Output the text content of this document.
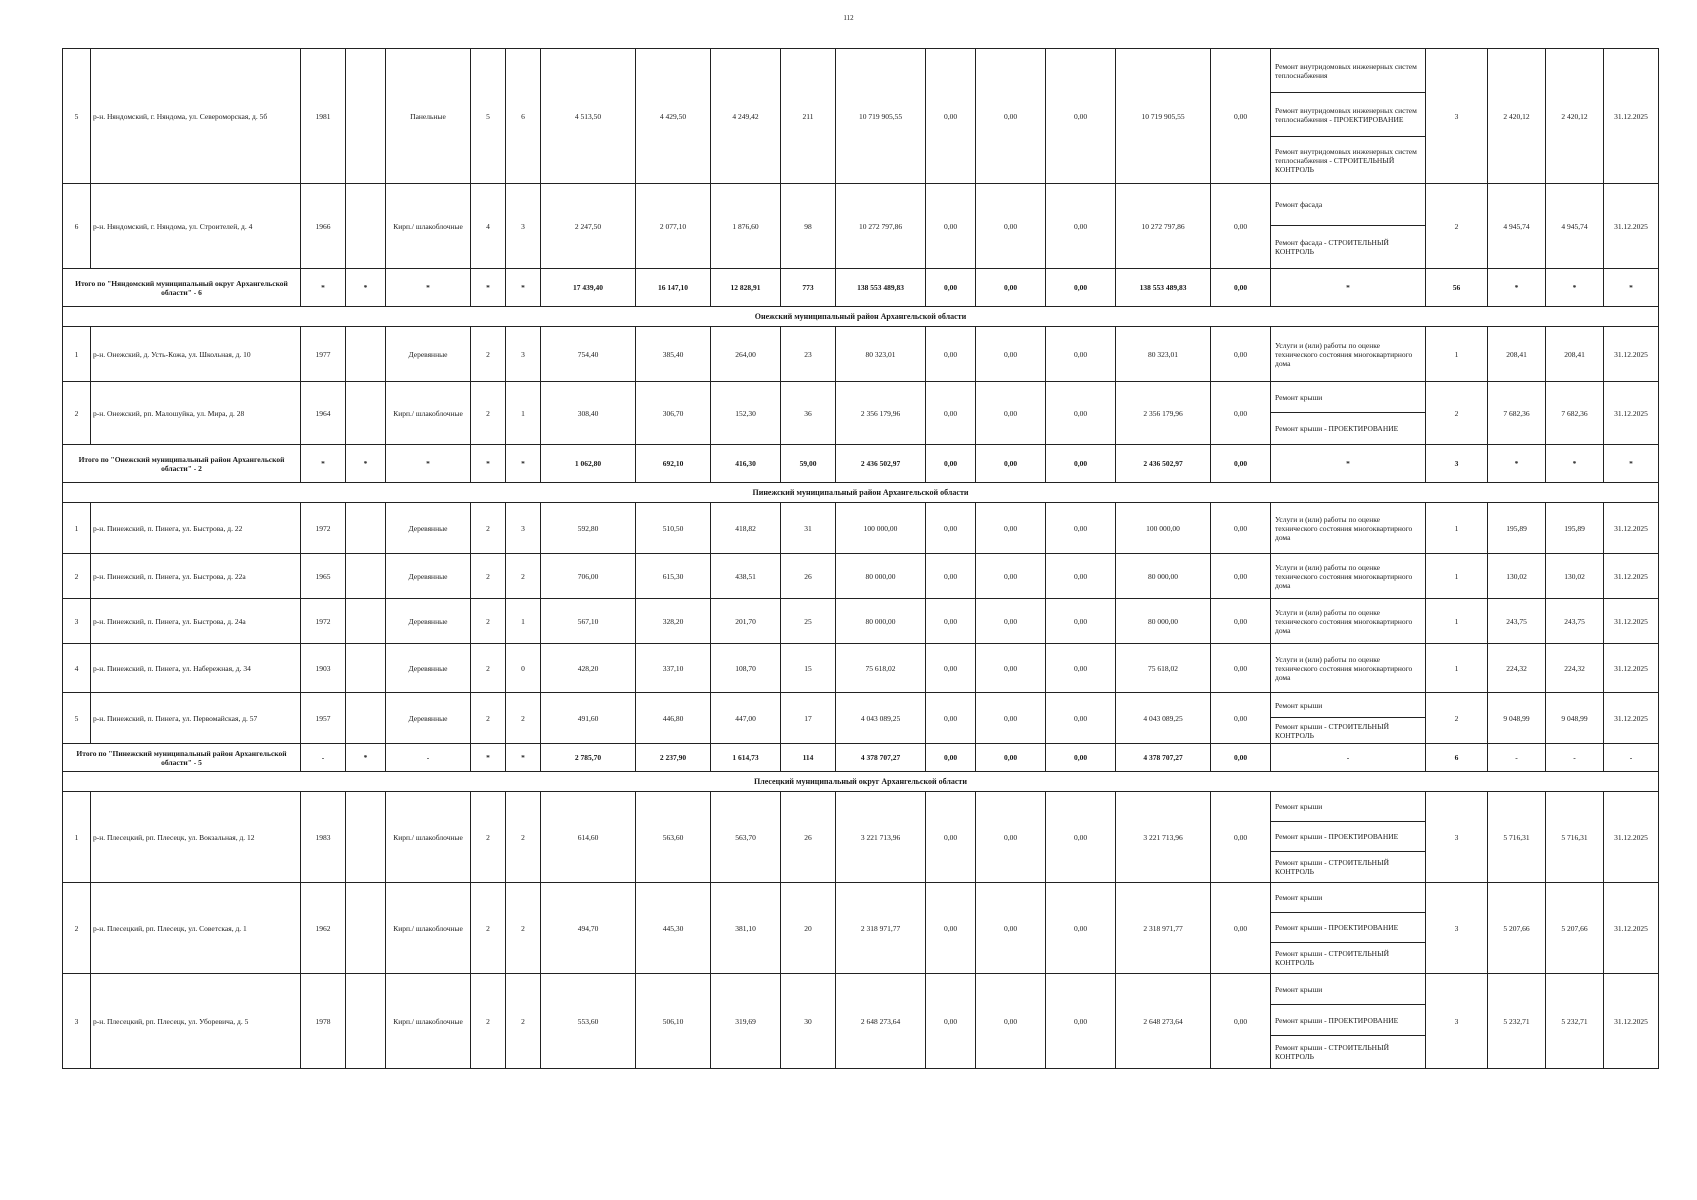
112
5	р-н. Няндомский, г. Няндома, ул. Североморская, д. 5б	1981		Панельные	5	6	4 513,50	4 429,50	4 249,42	211	10 719 905,55	0,00	0,00	0,00	10 719 905,55	0,00	Ремонт внутридомовых инженерных систем теплоснабжения
Ремонт внутридомовых инженерных систем теплоснабжения - ПРОЕКТИРОВАНИЕ
Ремонт внутридомовых инженерных систем теплоснабжения - СТРОИТЕЛЬНЫЙ КОНТРОЛЬ	3	2 420,12	2 420,12	31.12.2025
6	р-н. Няндомский, г. Няндома, ул. Строителей, д. 4	1966		Кирп./ шлакоблочные	4	3	2 247,50	2 077,10	1 876,60	98	10 272 797,86	0,00	0,00	0,00	10 272 797,86	0,00	Ремонт фасада
Ремонт фасада - СТРОИТЕЛЬНЫЙ КОНТРОЛЬ	2	4 945,74	4 945,74	31.12.2025
Итого по "Няндомский муниципальный округ Архангельской области" - 6		*	*	*	*	*	17 439,40	16 147,10	12 828,91	773	138 553 489,83	0,00	0,00	0,00	138 553 489,83	0,00	*	56	*	*	*
Онежский муниципальный район Архангельской области																					
1	р-н. Онежский, д. Усть-Кожа, ул. Школьная, д. 10	1977		Деревянные	2	3	754,40	385,40	264,00	23	80 323,01	0,00	0,00	0,00	80 323,01	0,00	Услуги и (или) работы по оценке технического состояния многоквартирного дома	1	208,41	208,41	31.12.2025
2	р-н. Онежский, рп. Малошуйка, ул. Мира, д. 28	1964		Кирп./ шлакоблочные	2	1	308,40	306,70	152,30	36	2 356 179,96	0,00	0,00	0,00	2 356 179,96	0,00	Ремонт крыши
Ремонт крыши - ПРОЕКТИРОВАНИЕ	2	7 682,36	7 682,36	31.12.2025
Итого по "Онежский муниципальный район Архангельской области" - 2		*	*	*	*	*	1 062,80	692,10	416,30	59,00	2 436 502,97	0,00	0,00	0,00	2 436 502,97	0,00	*	3	*	*	*
Пинежский муниципальный район Архангельской области																					
1	р-н. Пинежский, п. Пинега, ул. Быстрова, д. 22	1972		Деревянные	2	3	592,80	510,50	418,82	31	100 000,00	0,00	0,00	0,00	100 000,00	0,00	Услуги и (или) работы по оценке технического состояния многоквартирного дома	1	195,89	195,89	31.12.2025
2	р-н. Пинежский, п. Пинега, ул. Быстрова, д. 22а	1965		Деревянные	2	2	706,00	615,30	438,51	26	80 000,00	0,00	0,00	0,00	80 000,00	0,00	Услуги и (или) работы по оценке технического состояния многоквартирного дома	1	130,02	130,02	31.12.2025
3	р-н. Пинежский, п. Пинега, ул. Быстрова, д. 24а	1972		Деревянные	2	1	567,10	328,20	201,70	25	80 000,00	0,00	0,00	0,00	80 000,00	0,00	Услуги и (или) работы по оценке технического состояния многоквартирного дома	1	243,75	243,75	31.12.2025
4	р-н. Пинежский, п. Пинега, ул. Набережная, д. 34	1903		Деревянные	2	0	428,20	337,10	108,70	15	75 618,02	0,00	0,00	0,00	75 618,02	0,00	Услуги и (или) работы по оценке технического состояния многоквартирного дома	1	224,32	224,32	31.12.2025
5	р-н. Пинежский, п. Пинега, ул. Первомайская, д. 57	1957		Деревянные	2	2	491,60	446,80	447,00	17	4 043 089,25	0,00	0,00	0,00	4 043 089,25	0,00	Ремонт крыши
Ремонт крыши - СТРОИТЕЛЬНЫЙ КОНТРОЛЬ	2	9 048,99	9 048,99	31.12.2025
Итого по "Пинежский муниципальный район Архангельской области" - 5		-	*	-	*	*	2 785,70	2 237,90	1 614,73	114	4 378 707,27	0,00	0,00	0,00	4 378 707,27	0,00	-	6	-	-	-
Плесецкий муниципальный округ Архангельской области																					
1	р-н. Плесецкий, рп. Плесецк, ул. Вокзальная, д. 12	1983		Кирп./ шлакоблочные	2	2	614,60	563,60	563,70	26	3 221 713,96	0,00	0,00	0,00	3 221 713,96	0,00	Ремонт крыши
Ремонт крыши - ПРОЕКТИРОВАНИЕ
Ремонт крыши - СТРОИТЕЛЬНЫЙ КОНТРОЛЬ	3	5 716,31	5 716,31	31.12.2025
2	р-н. Плесецкий, рп. Плесецк, ул. Советская, д. 1	1962		Кирп./ шлакоблочные	2	2	494,70	445,30	381,10	20	2 318 971,77	0,00	0,00	0,00	2 318 971,77	0,00	Ремонт крыши
Ремонт крыши - ПРОЕКТИРОВАНИЕ
Ремонт крыши - СТРОИТЕЛЬНЫЙ КОНТРОЛЬ	3	5 207,66	5 207,66	31.12.2025
3	р-н. Плесецкий, рп. Плесецк, ул. Уборевича, д. 5	1978		Кирп./ шлакоблочные	2	2	553,60	506,10	319,69	30	2 648 273,64	0,00	0,00	0,00	2 648 273,64	0,00	Ремонт крыши
Ремонт крыши - ПРОЕКТИРОВАНИЕ
Ремонт крыши - СТРОИТЕЛЬНЫЙ КОНТРОЛЬ	3	5 232,71	5 232,71	31.12.2025
